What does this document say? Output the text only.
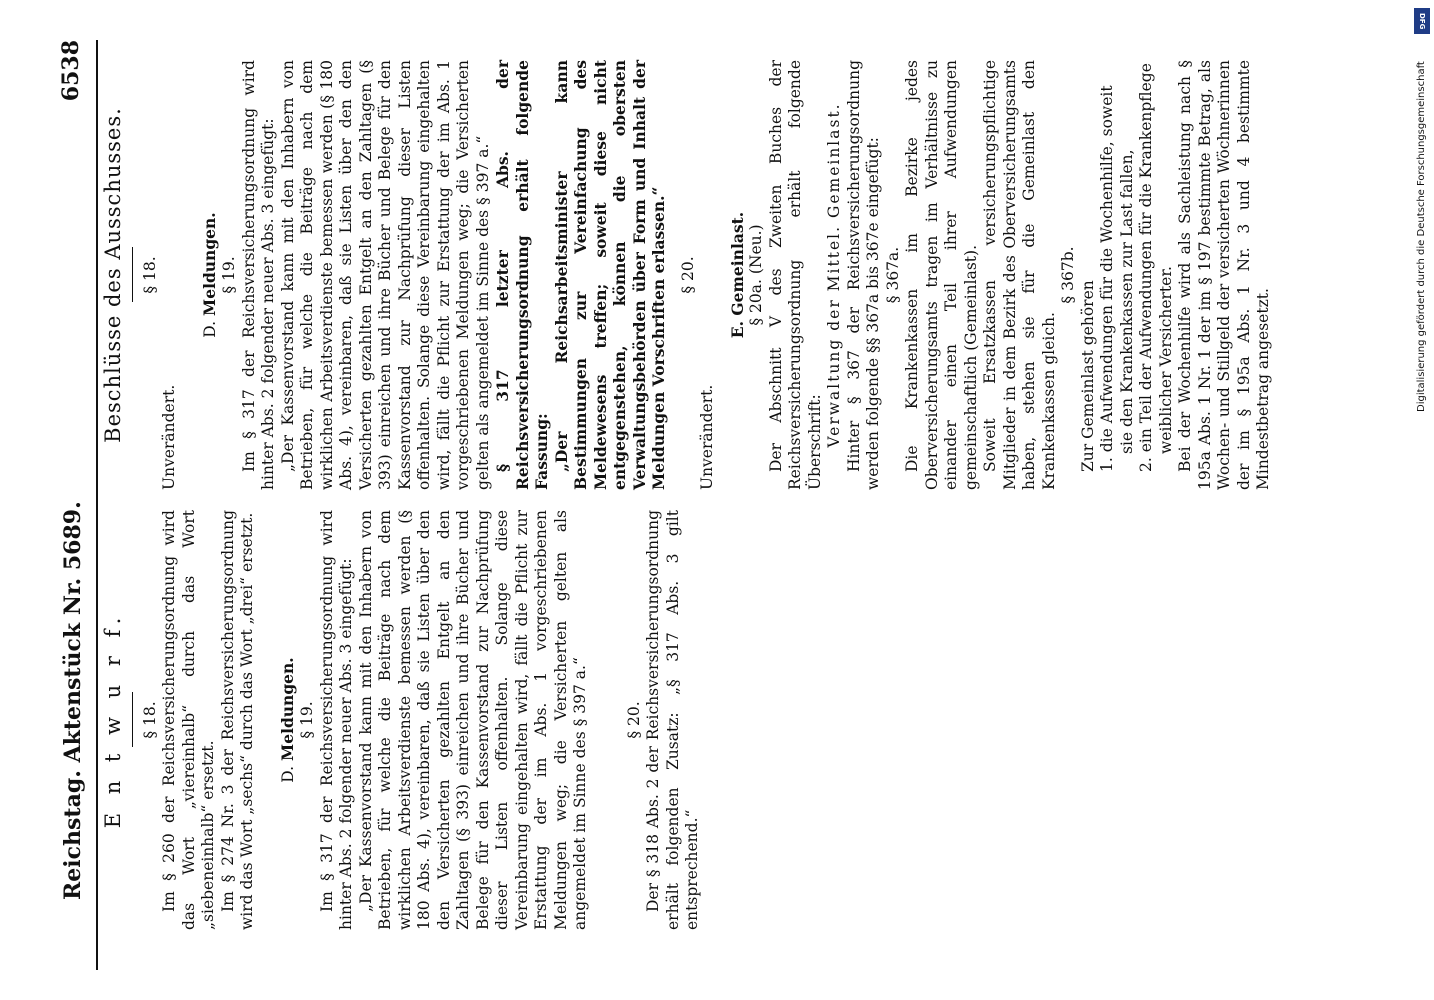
Reichstag. Aktenstück Nr. 5689.
6538
E n t w u r f. § 18. Im § 260 der Reichsversicherungsordnung wird das Wort „viereinhalb“ durch das Wort „siebeneinhalb“ ersetzt. Im § 274 Nr. 3 der Reichsversicherungsordnung wird das Wort „sechs“ durch das Wort „drei“ ersetzt. D. Meldungen. § 19. Im § 317 der Reichsversicherungsordnung wird hinter Abs. 2 folgender neuer Abs. 3 eingefügt: „Der Kassenvorstand kann mit den Inhabern von Betrieben, für welche die Beiträge nach dem wirklichen Arbeitsverdienste bemessen werden (§ 180 Abs. 4), vereinbaren, daß sie Listen über den den Versicherten gezahlten Entgelt an den Zahltagen (§ 393) einreichen und ihre Bücher und Belege für den Kassenvorstand zur Nachprüfung dieser Listen offenhalten. Solange diese Vereinbarung eingehalten wird, fällt die Pflicht zur Erstattung der im Abs. 1 vorgeschriebenen Meldungen weg; die Versicherten gelten als angemeldet im Sinne des § 397 a.“ § 20. Der § 318 Abs. 2 der Reichsversicherungsordnung erhält folgenden Zusatz: „§ 317 Abs. 3 gilt entsprechend.“

Beschlüsse des Ausschusses. § 18.

Unverändert.

D. Meldungen. § 19. Im § 317 der Reichsversicherungsordnung wird hinter Abs. 2 folgender neuer Abs. 3 eingefügt: „Der Kassenvorstand kann mit den Inhabern von Betrieben, für welche die Beiträge nach dem wirklichen Arbeitsverdienste bemessen werden (§ 180 Abs. 4), vereinbaren, daß sie Listen über den den Versicherten gezahlten Entgelt an den Zahltagen (§ 393) einreichen und ihre Bücher und Belege für den Kassenvorstand zur Nachprüfung dieser Listen offenhalten. Solange diese Vereinbarung eingehalten wird, fällt die Pflicht zur Erstattung der im Abs. 1 vorgeschriebenen Meldungen weg; die Versicherten gelten als angemeldet im Sinne des § 397 a.“ § 317 letzter Abs. der Reichsversicherungsordnung erhält folgende Fassung: „Der Reichsarbeitsminister kann Bestimmungen zur Vereinfachung des Meldewesens treffen; soweit diese nicht entgegenstehen, können die obersten Verwaltungsbehörden über Form und Inhalt der Meldungen Vorschriften erlassen.“ § 20.

Unverändert.

E. Gemeinlast. § 20a. (Neu.) Der Abschnitt V des Zweiten Buches der Reichsversicherungsordnung erhält folgende Überschrift: Verwaltung der Mittel. Gemeinlast. Hinter § 367 der Reichsversicherungsordnung werden folgende §§ 367a bis 367e eingefügt: § 367a. Die Krankenkassen im Bezirke jedes Oberversicherungsamts tragen im Verhältnisse zu einander einen Teil ihrer Aufwendungen gemeinschaftlich (Gemeinlast). Soweit Ersatzkassen versicherungspflichtige Mitglieder in dem Bezirk des Oberversicherungsamts haben, stehen sie für die Gemeinlast den Krankenkassen gleich.

§ 367b.

Zur Gemeinlast gehören 1. die Aufwendungen für die Wochenhilfe, soweit sie den Krankenkassen zur Last fallen, 2. ein Teil der Aufwendungen für die Krankenpflege weiblicher Versicherter. Bei der Wochenhilfe wird als Sachleistung nach § 195a Abs. 1 Nr. 1 der im § 197 bestimmte Betrag, als Wochen- und Stillgeld der versicherten Wöchnerinnen der im § 195a Abs. 1 Nr. 3 und 4 bestimmte Mindestbetrag angesetzt.

DFG
Digitalisierung gefördert durch die Deutsche Forschungsgemeinschaft
